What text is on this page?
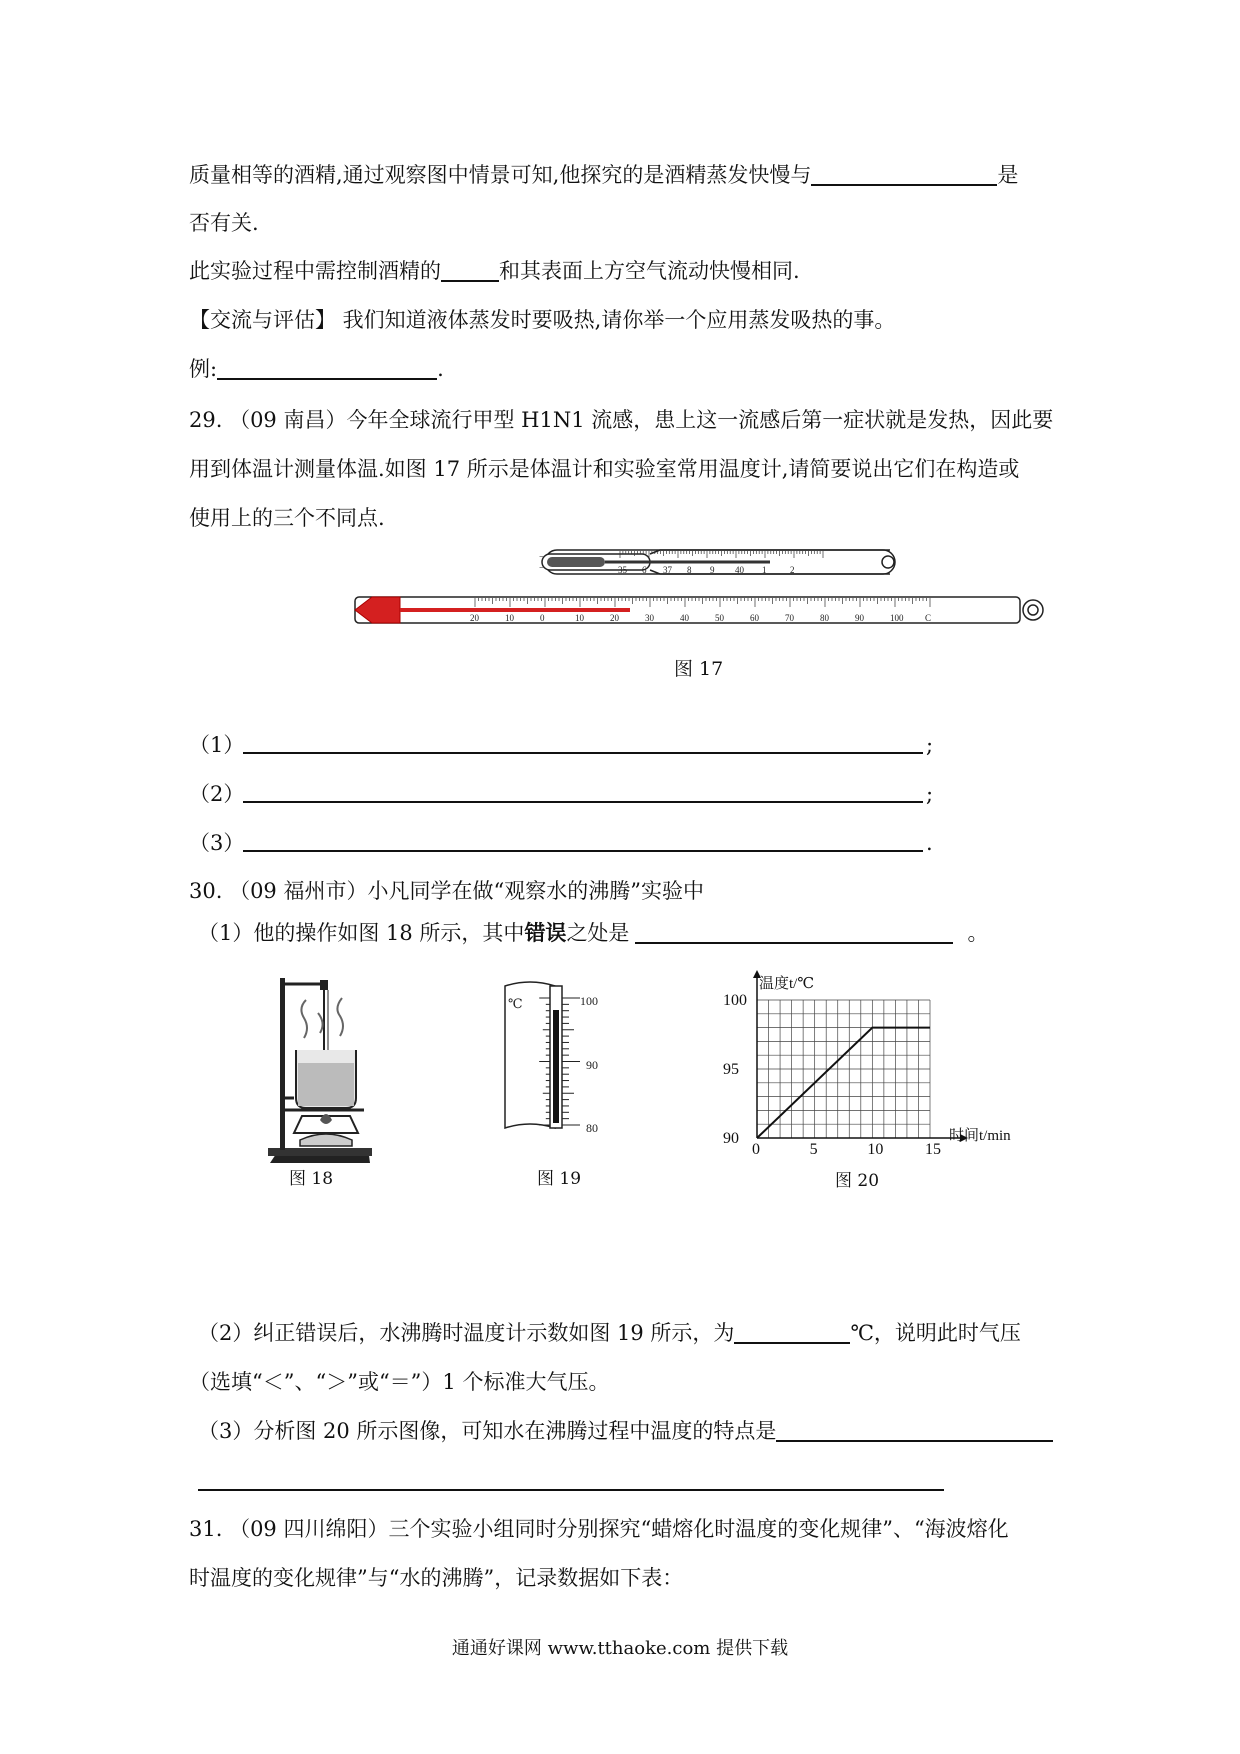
质量相等的酒精,通过观察图中情景可知,他探究的是酒精蒸发快慢与	是
否有关.
此实验过程中需控制酒精的	和其表面上方空气流动快慢相同.
【交流与评估】 我们知道液体蒸发时要吸热,请你举一个应用蒸发吸热的事。
例:	.
29. （09 南昌）今年全球流行甲型 H1N1 流感，患上这一流感后第一症状就是发热，因此要
用到体温计测量体温.如图 17 所示是体温计和实验室常用温度计,请简要说出它们在构造或
使用上的三个不同点.
35 6 37 8 9 40 1	2
20	10	0	10	20	30	40	50	60	70	80	90	100 C
图 17
（1）	;
（2）	;
（3）	.
30. （09 福州市）小凡同学在做“观察水的沸腾”实验中
（1）他的操作如图 18 所示，其中错误之处是	。
图 18
℃	100
90
80
图 19
0	5	10	15
90
95
100
温度t/℃
时间t/min
图 20
（2）纠正错误后，水沸腾时温度计示数如图 19 所示，为	℃，说明此时气压
（选填“＜”、“＞”或“＝”）1 个标准大气压。
（3）分析图 20 所示图像，可知水在沸腾过程中温度的特点是
31. （09 四川绵阳）三个实验小组同时分别探究“蜡熔化时温度的变化规律”、“海波熔化
时温度的变化规律”与“水的沸腾”，记录数据如下表：
通通好课网 www.tthaoke.com 提供下载
